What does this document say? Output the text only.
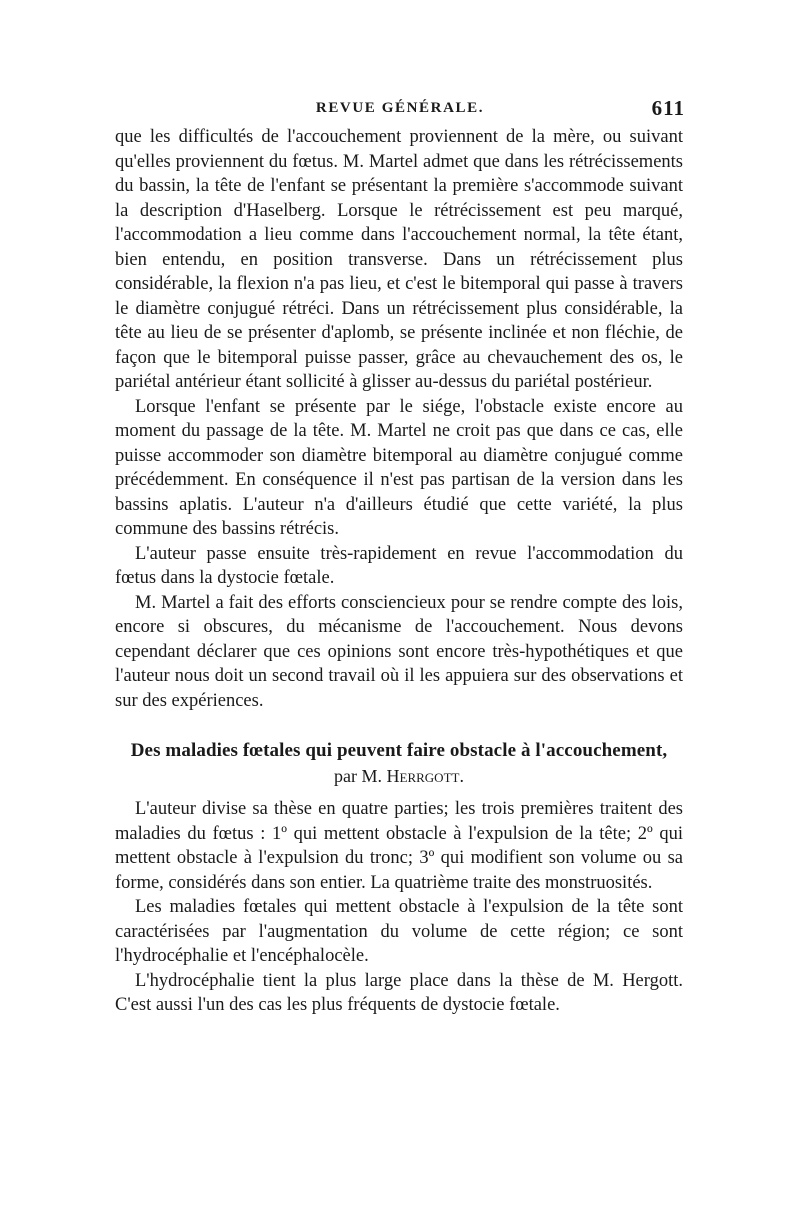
REVUE GÉNÉRALE.	611

que les difficultés de l'accouchement proviennent de la mère, ou suivant qu'elles proviennent du fœtus. M. Martel admet que dans les rétrécissements du bassin, la tête de l'enfant se présentant la première s'accommode suivant la description d'Haselberg. Lorsque le rétrécissement est peu marqué, l'accommodation a lieu comme dans l'accouchement normal, la tête étant, bien entendu, en position transverse. Dans un rétrécissement plus considérable, la flexion n'a pas lieu, et c'est le bitemporal qui passe à travers le diamètre conjugué rétréci. Dans un rétrécissement plus considérable, la tête au lieu de se présenter d'aplomb, se présente inclinée et non fléchie, de façon que le bitemporal puisse passer, grâce au chevauchement des os, le pariétal antérieur étant sollicité à glisser au-dessus du pariétal postérieur.

Lorsque l'enfant se présente par le siége, l'obstacle existe encore au moment du passage de la tête. M. Martel ne croit pas que dans ce cas, elle puisse accommoder son diamètre bitemporal au diamètre conjugué comme précédemment. En conséquence il n'est pas partisan de la version dans les bassins aplatis. L'auteur n'a d'ailleurs étudié que cette variété, la plus commune des bassins rétrécis.

L'auteur passe ensuite très-rapidement en revue l'accommodation du fœtus dans la dystocie fœtale.

M. Martel a fait des efforts consciencieux pour se rendre compte des lois, encore si obscures, du mécanisme de l'accouchement. Nous devons cependant déclarer que ces opinions sont encore très-hypothétiques et que l'auteur nous doit un second travail où il les appuiera sur des observations et sur des expériences.

Des maladies fœtales qui peuvent faire obstacle à l'accouchement,
par M. Herrgott.

L'auteur divise sa thèse en quatre parties; les trois premières traitent des maladies du fœtus : 1º qui mettent obstacle à l'expulsion de la tête; 2º qui mettent obstacle à l'expulsion du tronc; 3º qui modifient son volume ou sa forme, considérés dans son entier. La quatrième traite des monstruosités.

Les maladies fœtales qui mettent obstacle à l'expulsion de la tête sont caractérisées par l'augmentation du volume de cette région; ce sont l'hydrocéphalie et l'encéphalocèle.

L'hydrocéphalie tient la plus large place dans la thèse de M. Hergott. C'est aussi l'un des cas les plus fréquents de dystocie fœtale.
